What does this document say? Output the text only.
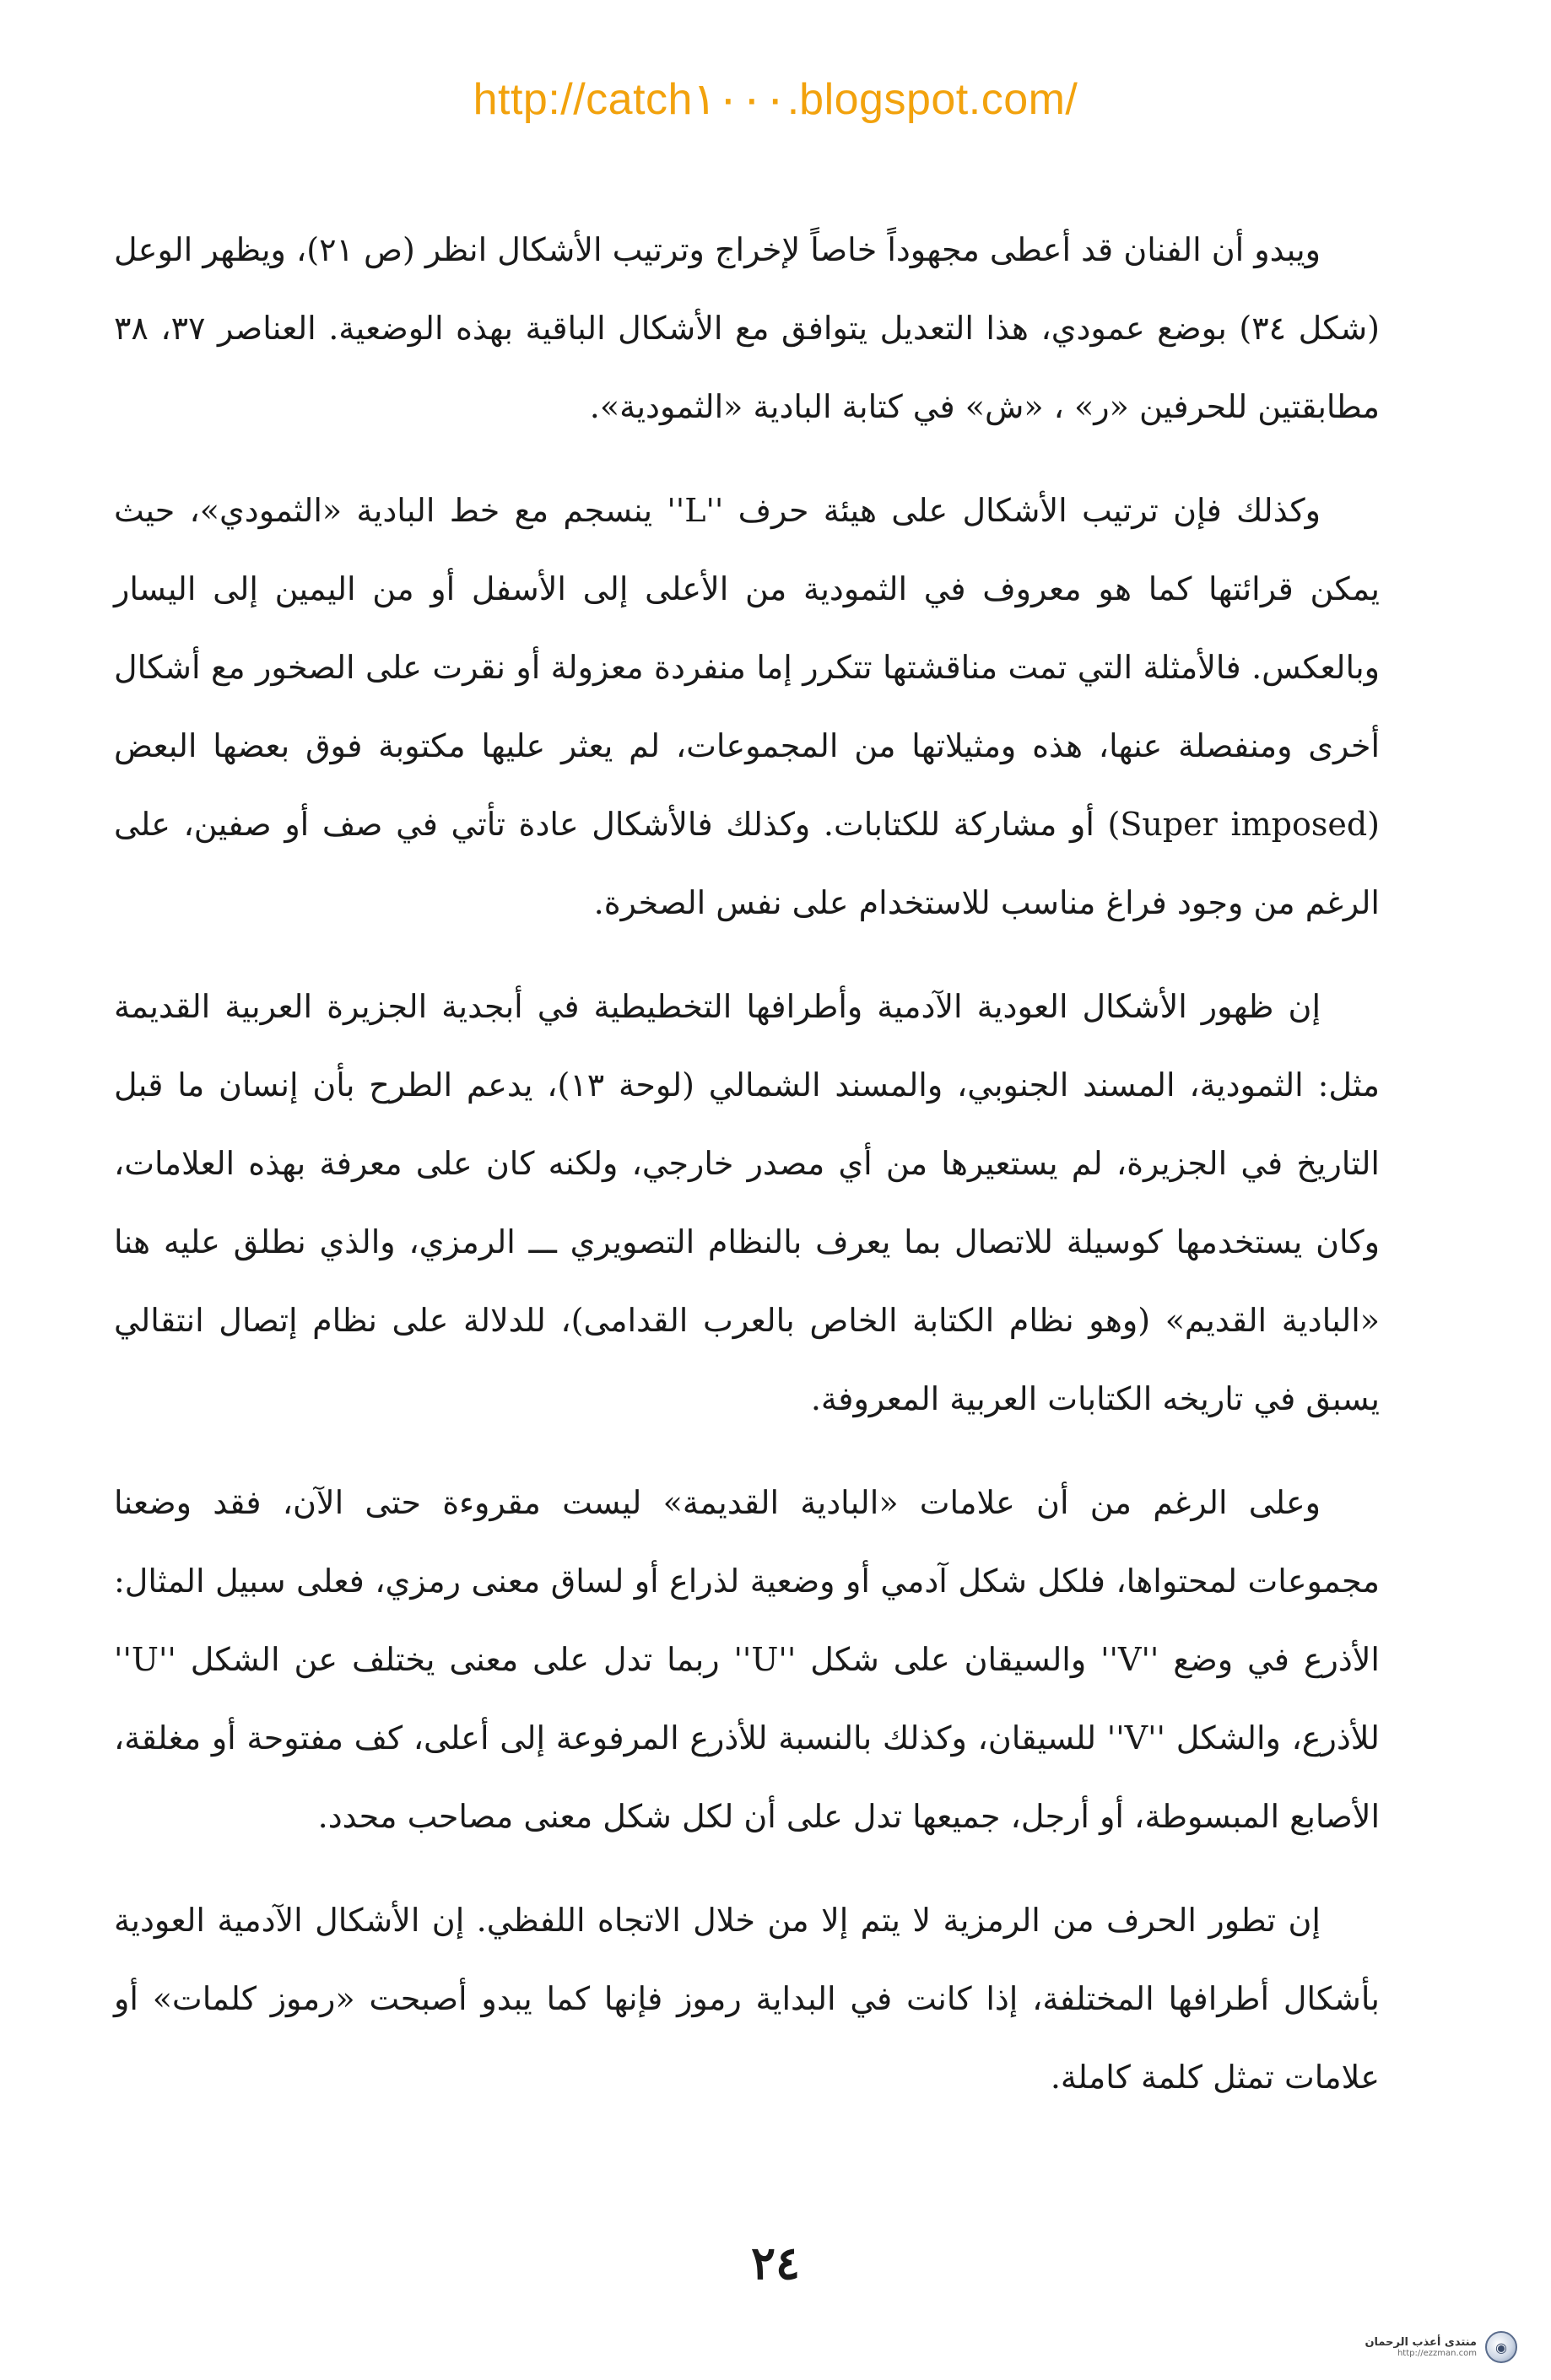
http://catch١٠٠٠.blogspot.com/

ويبدو أن الفنان قد أعطى مجهوداً خاصاً لإخراج وترتيب الأشكال انظر (ص ٢١)، ويظهر الوعل (شكل ٣٤) بوضع عمودي، هذا التعديل يتوافق مع الأشكال الباقية بهذه الوضعية. العناصر ٣٧، ٣٨ مطابقتين للحرفين «ر» ، «ش» في كتابة البادية «الثمودية».

وكذلك فإن ترتيب الأشكال على هيئة حرف ''L'' ينسجم مع خط البادية «الثمودي»، حيث يمكن قرائتها كما هو معروف في الثمودية من الأعلى إلى الأسفل أو من اليمين إلى اليسار وبالعكس. فالأمثلة التي تمت مناقشتها تتكرر إما منفردة معزولة أو نقرت على الصخور مع أشكال أخرى ومنفصلة عنها، هذه ومثيلاتها من المجموعات، لم يعثر عليها مكتوبة فوق بعضها البعض (Super imposed) أو مشاركة للكتابات. وكذلك فالأشكال عادة تأتي في صف أو صفين، على الرغم من وجود فراغ مناسب للاستخدام على نفس الصخرة.

إن ظهور الأشكال العودية الآدمية وأطرافها التخطيطية في أبجدية الجزيرة العربية القديمة مثل: الثمودية، المسند الجنوبي، والمسند الشمالي (لوحة ١٣)، يدعم الطرح بأن إنسان ما قبل التاريخ في الجزيرة، لم يستعيرها من أي مصدر خارجي، ولكنه كان على معرفة بهذه العلامات، وكان يستخدمها كوسيلة للاتصال بما يعرف بالنظام التصويري ـــ الرمزي، والذي نطلق عليه هنا «البادية القديم» (وهو نظام الكتابة الخاص بالعرب القدامى)، للدلالة على نظام إتصال انتقالي يسبق في تاريخه الكتابات العربية المعروفة.

وعلى الرغم من أن علامات «البادية القديمة» ليست مقروءة حتى الآن، فقد وضعنا مجموعات لمحتواها، فلكل شكل آدمي أو وضعية لذراع أو لساق معنى رمزي، فعلى سبيل المثال: الأذرع في وضع ''V'' والسيقان على شكل ''U'' ربما تدل على معنى يختلف عن الشكل ''U'' للأذرع، والشكل ''V'' للسيقان، وكذلك بالنسبة للأذرع المرفوعة إلى أعلى، كف مفتوحة أو مغلقة، الأصابع المبسوطة، أو أرجل، جميعها تدل على أن لكل شكل معنى مصاحب محدد.

إن تطور الحرف من الرمزية لا يتم إلا من خلال الاتجاه اللفظي. إن الأشكال الآدمية العودية بأشكال أطرافها المختلفة، إذا كانت في البداية رموز فإنها كما يبدو أصبحت «رموز كلمات» أو علامات تمثل كلمة كاملة.

٢٤
منتدى أعذب الرحمان
http://ezzman.com	◉
